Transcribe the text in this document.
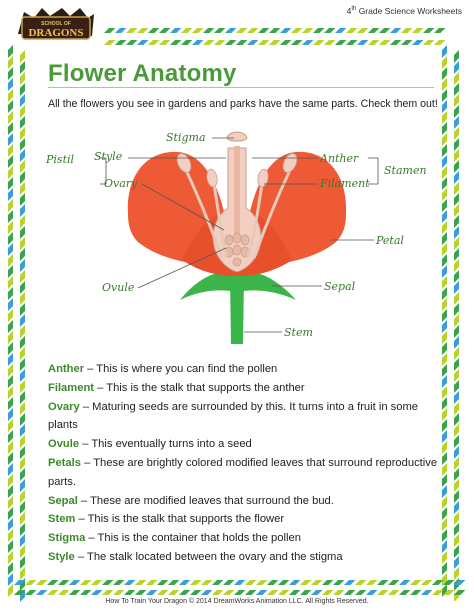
SCHOOL OF
DRAGONS
4th Grade Science Worksheets
Flower Anatomy
All the flowers you see in gardens and parks have the same parts. Check them out!
Stigma
Pistil Style
Ovary
Ovule
Anther
Filament
Stamen
Petal
Sepal
Stem
Anther – This is where you can find the pollen
Filament – This is the stalk that supports the anther
Ovary – Maturing seeds are surrounded by this. It turns into a fruit in some plants
Ovule – This eventually turns into a seed
Petals – These are brightly colored modified leaves that surround reproductive parts.
Sepal – These are modified leaves that surround the bud.
Stem – This is the stalk that supports the flower
Stigma – This is the container that holds the pollen
Style – The stalk located between the ovary and the stigma
How To Train Your Dragon © 2014 DreamWorks Animation LLC. All Rights Reserved.
